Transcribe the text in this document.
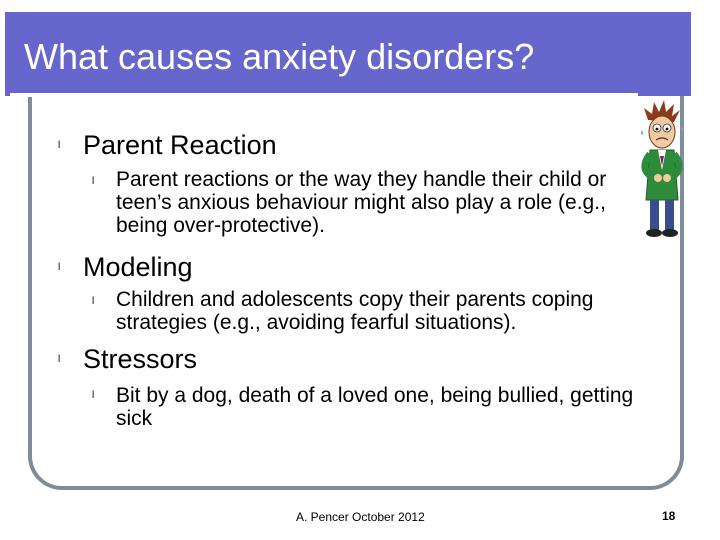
What causes anxiety disorders?
l Parent Reaction
l Parent reactions or the way they handle their child or teen’s anxious behaviour might also play a role (e.g., being over-protective).
l Modeling
l Children and adolescents copy their parents coping strategies (e.g., avoiding fearful situations).
l Stressors
l Bit by a dog, death of a loved one, being bullied, getting sick
A. Pencer October 2012	18
